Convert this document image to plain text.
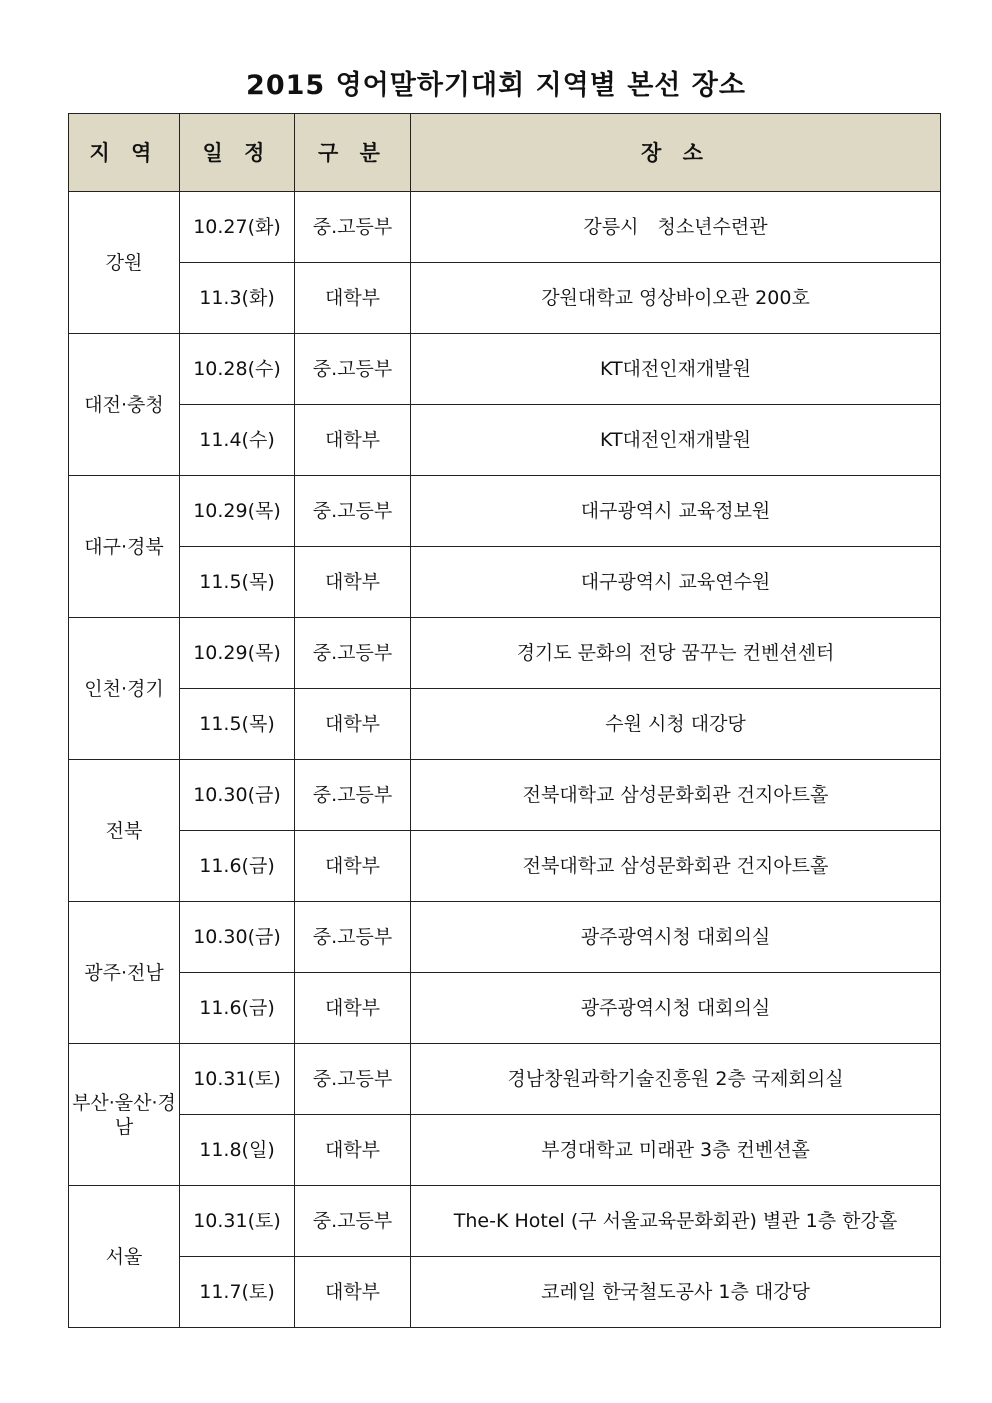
2015 영어말하기대회 지역별 본선 장소
지 역	일 정	구 분	장 소
강원	10.27(화)	중.고등부	강릉시　청소년수련관
	11.3(화)	대학부	강원대학교 영상바이오관 200호
대전·충청	10.28(수)	중.고등부	KT대전인재개발원
	11.4(수)	대학부	KT대전인재개발원
대구·경북	10.29(목)	중.고등부	대구광역시 교육정보원
	11.5(목)	대학부	대구광역시 교육연수원
인천·경기	10.29(목)	중.고등부	경기도 문화의 전당 꿈꾸는 컨벤션센터
	11.5(목)	대학부	수원 시청 대강당
전북	10.30(금)	중.고등부	전북대학교 삼성문화회관 건지아트홀
	11.6(금)	대학부	전북대학교 삼성문화회관 건지아트홀
광주·전남	10.30(금)	중.고등부	광주광역시청 대회의실
	11.6(금)	대학부	광주광역시청 대회의실
부산·울산·경남	10.31(토)	중.고등부	경남창원과학기술진흥원 2층 국제회의실
	11.8(일)	대학부	부경대학교 미래관 3층 컨벤션홀
서울	10.31(토)	중.고등부	The-K Hotel (구 서울교육문화회관) 별관 1층 한강홀
	11.7(토)	대학부	코레일 한국철도공사 1층 대강당
